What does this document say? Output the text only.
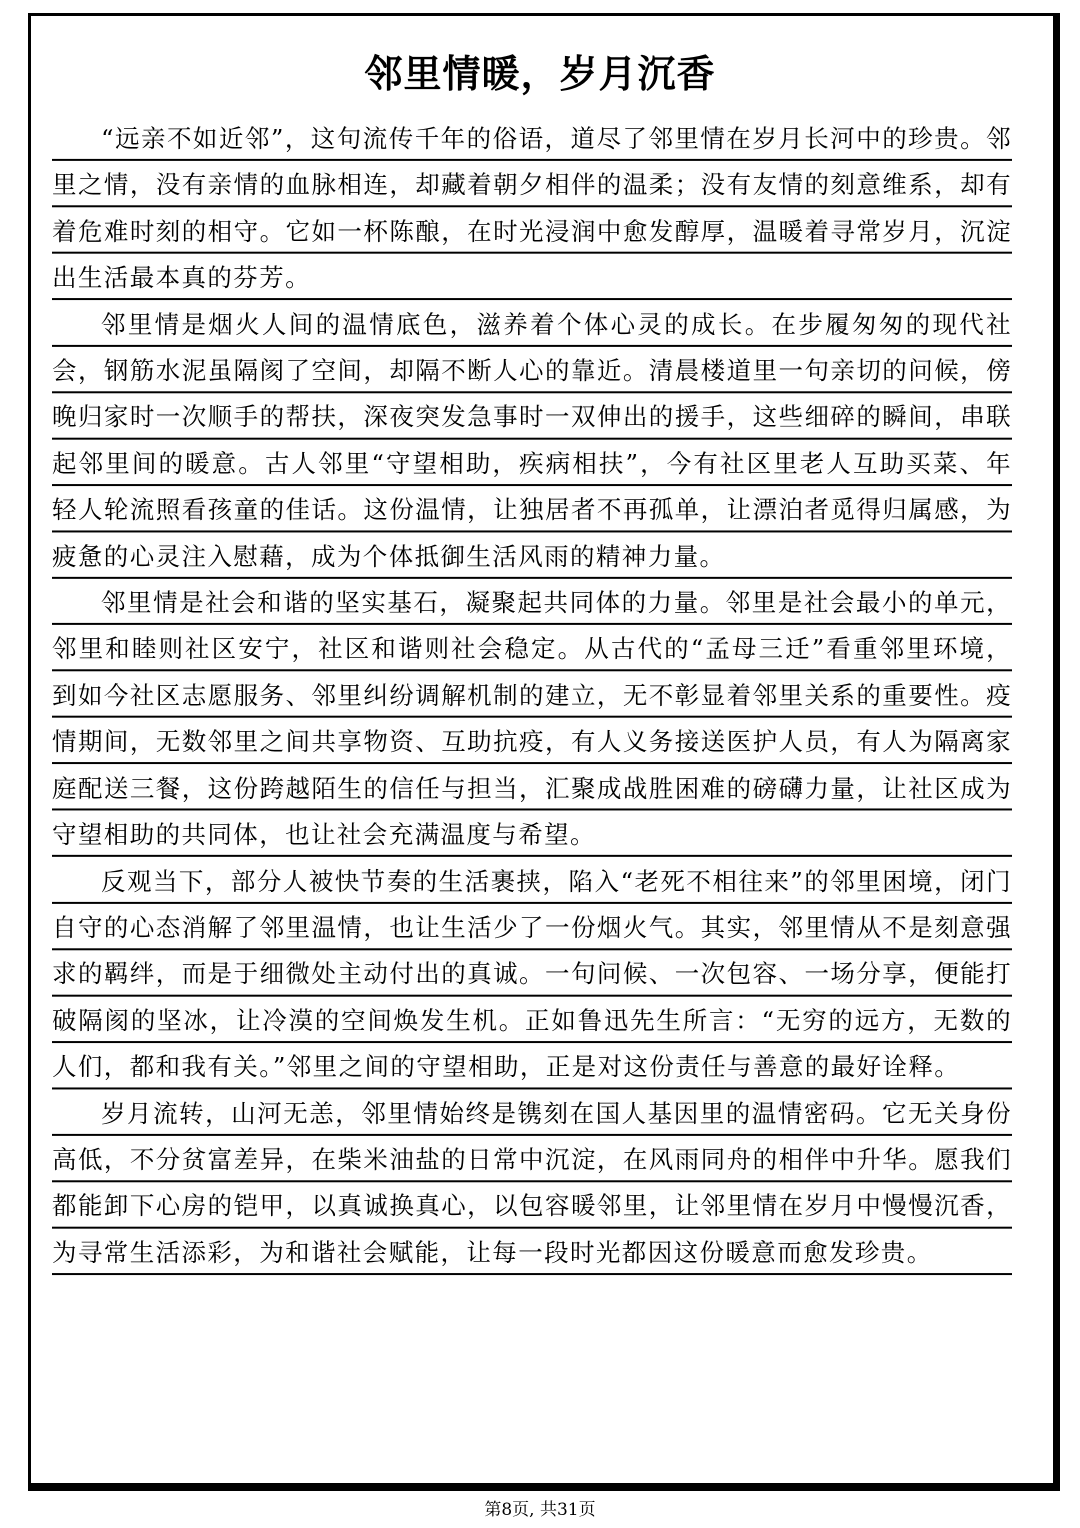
邻里情暖，岁月沉香

“远亲不如近邻”，这句流传千年的俗语，道尽了邻里情在岁月长河中的珍贵。邻里之情，没有亲情的血脉相连，却藏着朝夕相伴的温柔；没有友情的刻意维系，却有着危难时刻的相守。它如一杯陈酿，在时光浸润中愈发醇厚，温暖着寻常岁月，沉淀出生活最本真的芬芳。

邻里情是烟火人间的温情底色，滋养着个体心灵的成长。在步履匆匆的现代社会，钢筋水泥虽隔阂了空间，却隔不断人心的靠近。清晨楼道里一句亲切的问候，傍晚归家时一次顺手的帮扶，深夜突发急事时一双伸出的援手，这些细碎的瞬间，串联起邻里间的暖意。古人邻里“守望相助，疾病相扶”，今有社区里老人互助买菜、年轻人轮流照看孩童的佳话。这份温情，让独居者不再孤单，让漂泊者觅得归属感，为疲惫的心灵注入慰藉，成为个体抵御生活风雨的精神力量。

邻里情是社会和谐的坚实基石，凝聚起共同体的力量。邻里是社会最小的单元，邻里和睦则社区安宁，社区和谐则社会稳定。从古代的“孟母三迁”看重邻里环境，到如今社区志愿服务、邻里纠纷调解机制的建立，无不彰显着邻里关系的重要性。疫情期间，无数邻里之间共享物资、互助抗疫，有人义务接送医护人员，有人为隔离家庭配送三餐，这份跨越陌生的信任与担当，汇聚成战胜困难的磅礴力量，让社区成为守望相助的共同体，也让社会充满温度与希望。

反观当下，部分人被快节奏的生活裹挟，陷入“老死不相往来”的邻里困境，闭门自守的心态消解了邻里温情，也让生活少了一份烟火气。其实，邻里情从不是刻意强求的羁绊，而是于细微处主动付出的真诚。一句问候、一次包容、一场分享，便能打破隔阂的坚冰，让冷漠的空间焕发生机。正如鲁迅先生所言：“无穷的远方，无数的人们，都和我有关。”邻里之间的守望相助，正是对这份责任与善意的最好诠释。

岁月流转，山河无恙，邻里情始终是镌刻在国人基因里的温情密码。它无关身份高低，不分贫富差异，在柴米油盐的日常中沉淀，在风雨同舟的相伴中升华。愿我们都能卸下心房的铠甲，以真诚换真心，以包容暖邻里，让邻里情在岁月中慢慢沉香，为寻常生活添彩，为和谐社会赋能，让每一段时光都因这份暖意而愈发珍贵。

第8页, 共31页
